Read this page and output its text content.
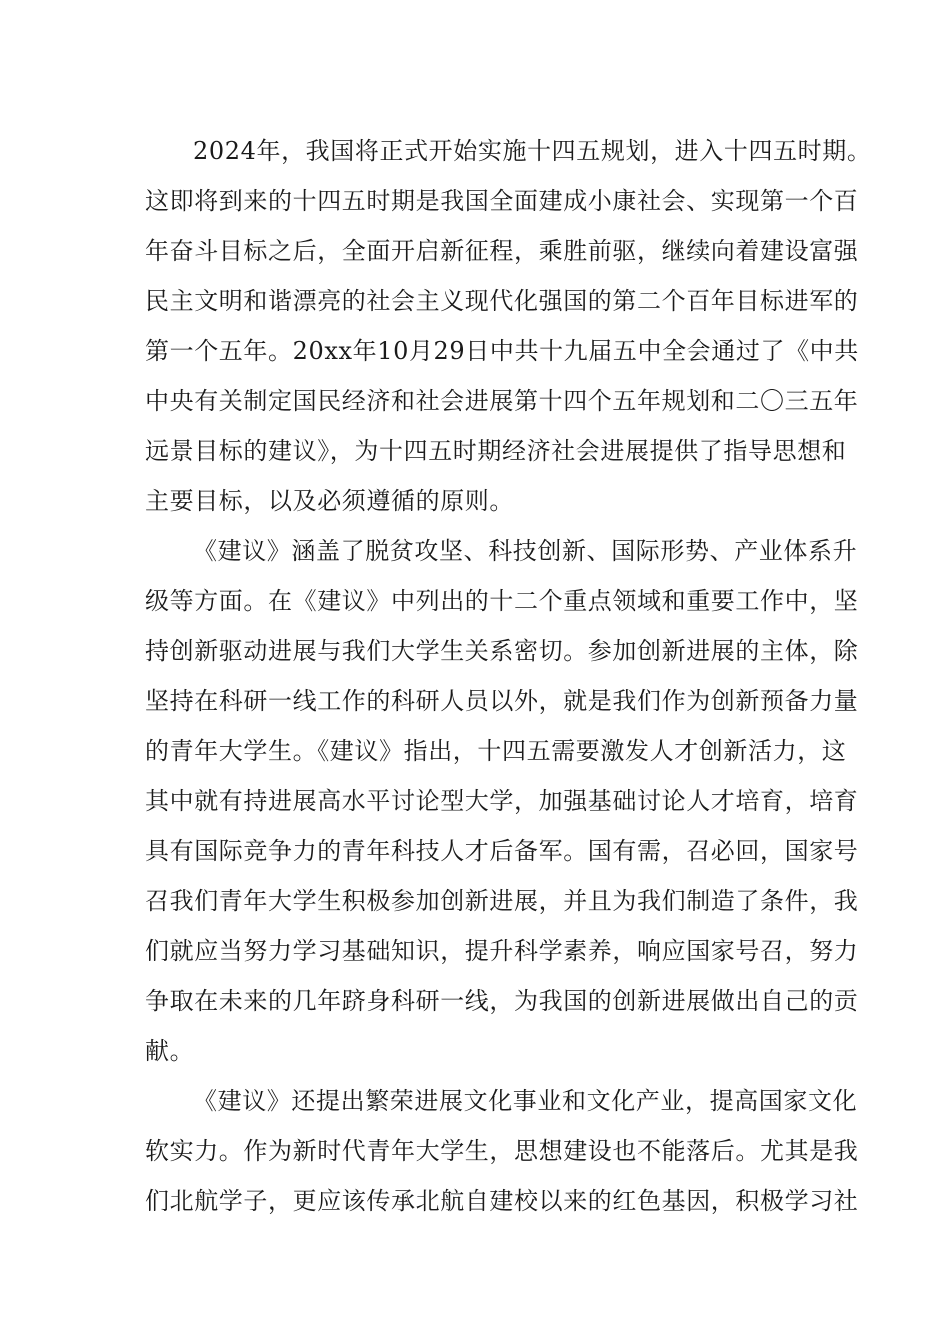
2024年，我国将正式开始实施十四五规划，进入十四五时期。
这即将到来的十四五时期是我国全面建成小康社会、实现第一个百
年奋斗目标之后，全面开启新征程，乘胜前驱，继续向着建设富强
民主文明和谐漂亮的社会主义现代化强国的第二个百年目标进军的
第一个五年。20xx年10月29日中共十九届五中全会通过了《中共
中央有关制定国民经济和社会进展第十四个五年规划和二〇三五年
远景目标的建议》，为十四五时期经济社会进展提供了指导思想和
主要目标，以及必须遵循的原则。
《建议》涵盖了脱贫攻坚、科技创新、国际形势、产业体系升
级等方面。在《建议》中列出的十二个重点领域和重要工作中，坚
持创新驱动进展与我们大学生关系密切。参加创新进展的主体，除
坚持在科研一线工作的科研人员以外，就是我们作为创新预备力量
的青年大学生。《建议》指出，十四五需要激发人才创新活力，这
其中就有持进展高水平讨论型大学，加强基础讨论人才培育，培育
具有国际竞争力的青年科技人才后备军。国有需，召必回，国家号
召我们青年大学生积极参加创新进展，并且为我们制造了条件，我
们就应当努力学习基础知识，提升科学素养，响应国家号召，努力
争取在未来的几年跻身科研一线，为我国的创新进展做出自己的贡
献。
《建议》还提出繁荣进展文化事业和文化产业，提高国家文化
软实力。作为新时代青年大学生，思想建设也不能落后。尤其是我
们北航学子，更应该传承北航自建校以来的红色基因，积极学习社
